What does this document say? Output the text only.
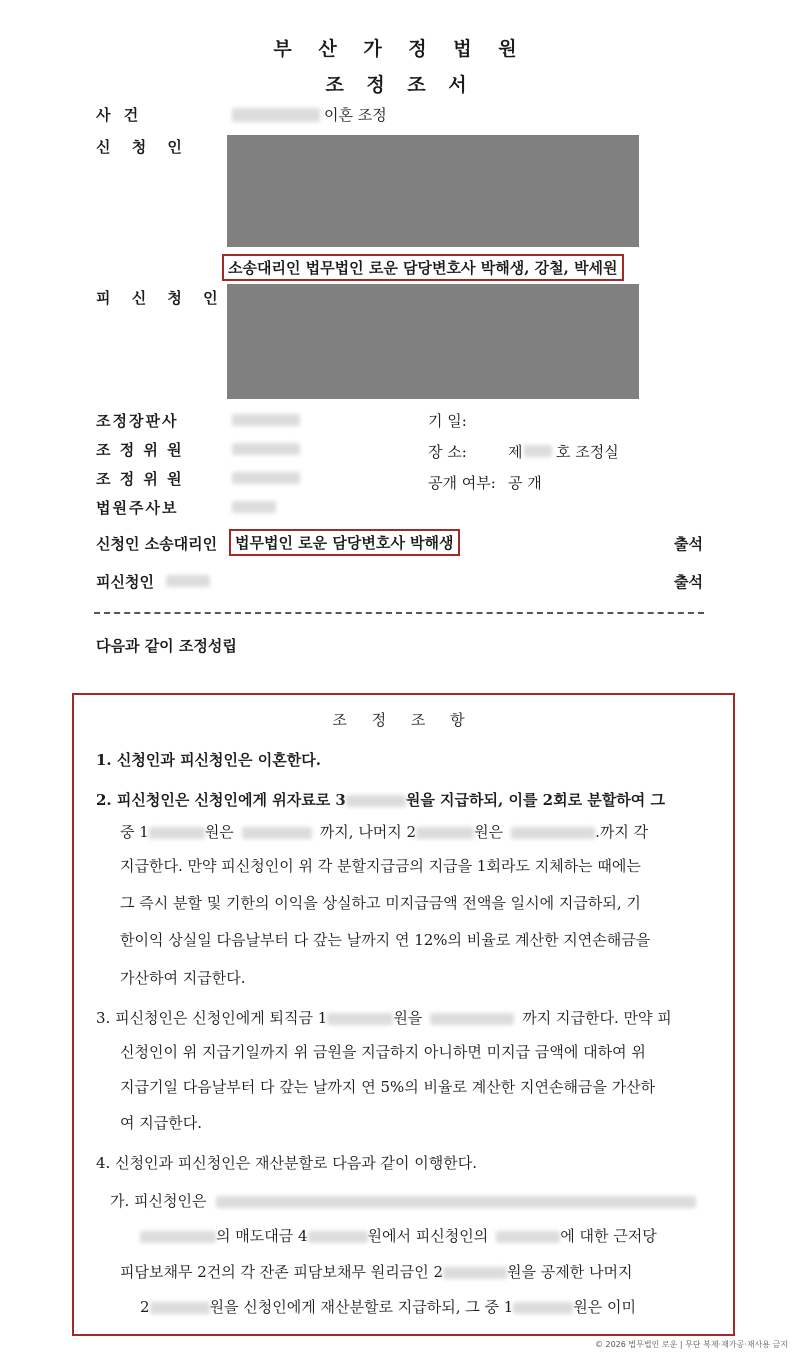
부 산 가 정 법 원
조 정 조 서
사 건	이혼 조정
신 청 인
소송대리인 법무법인 로운 담당변호사 박해생, 강철, 박세원
피 신 청 인
조정장판사
조 정 위 원
조 정 위 원
법원주사보
기 일:
장 소:	제 호 조정실
공개 여부: 공 개
신청인 소송대리인	법무법인 로운 담당변호사 박해생	출석
피신청인	출석
다음과 같이 조정성립
조 정 조 항
1. 신청인과 피신청인은 이혼한다.
2. 피신청인은 신청인에게 위자료로 3	원을 지급하되, 이를 2회로 분할하여 그
중 1	원은	까지, 나머지 2	원은	.까지 각
지급한다. 만약 피신청인이 위 각 분할지급금의 지급을 1회라도 지체하는 때에는
그 즉시 분할 및 기한의 이익을 상실하고 미지급금액 전액을 일시에 지급하되, 기
한이익 상실일 다음날부터 다 갚는 날까지 연 12%의 비율로 계산한 지연손해금을
가산하여 지급한다.
3. 피신청인은 신청인에게 퇴직금 1	원을	까지 지급한다. 만약 피
신청인이 위 지급기일까지 위 금원을 지급하지 아니하면 미지급 금액에 대하여 위
지급기일 다음날부터 다 갚는 날까지 연 5%의 비율로 계산한 지연손해금을 가산하
여 지급한다.
4. 신청인과 피신청인은 재산분할로 다음과 같이 이행한다.
가. 피신청인은
의 매도대금 4	원에서 피신청인의	에 대한 근저당
피담보채무 2건의 각 잔존 피담보채무 원리금인 2	원을 공제한 나머지
2	원을 신청인에게 재산분할로 지급하되, 그 중 1	원은 이미
© 2026 법무법인 로운 | 무단 복제·재가공·재사용 금지
